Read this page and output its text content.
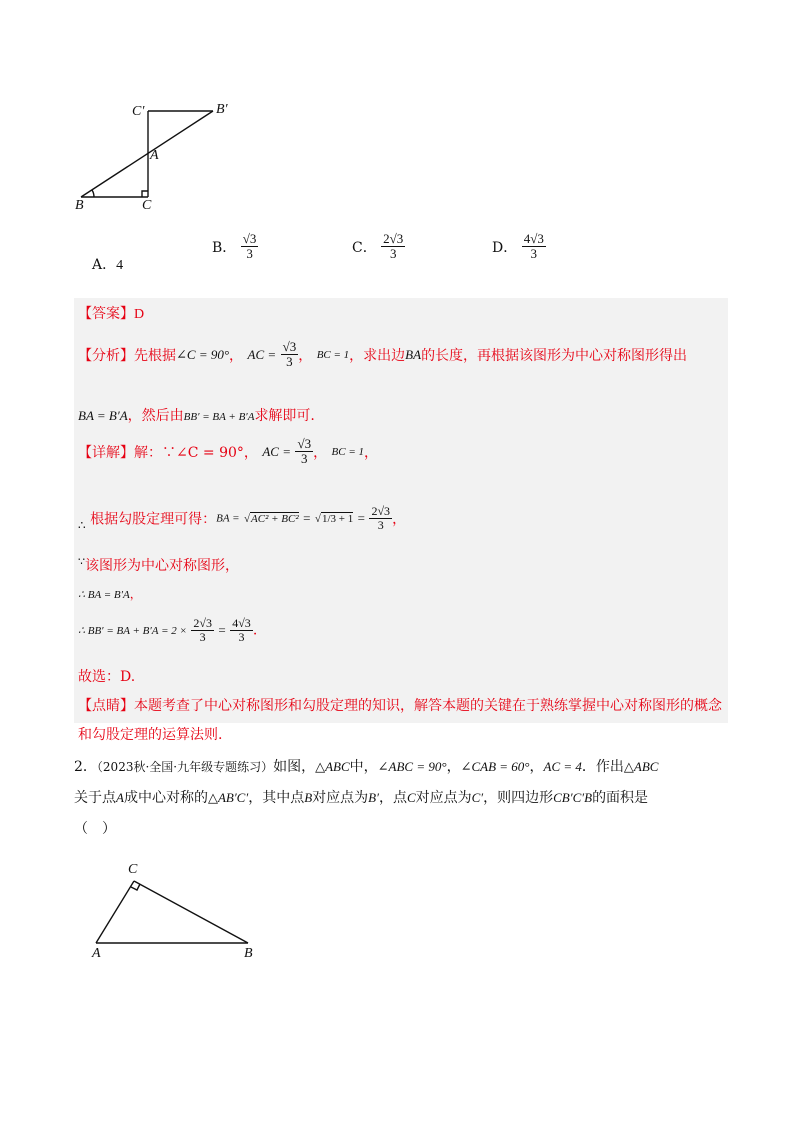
C′	B′
A
B	C
A．4
B． $\frac{√3}{3}$	C． $\frac{2√3}{3}$	D． $\frac{4√3}{3}$
【答案】D
【分析】先根据∠C = 90°， AC = $\frac{√3}{3}$ ， BC = 1，求出边BA的长度，再根据该图形为中心对称图形得出
BA = B′A，然后由BB′ = BA + B′A求解即可.
【详解】解：∵∠C = 90°， AC = $\frac{√3}{3}$ ， BC = 1，
∴ 根据勾股定理可得：BA = √ AC² + BC² = √ $1/3 + 1 = \frac{2√3}{3}$ ，
∵该图形为中心对称图形，
∴ BA = B′A，
∴ BB′ = BA + $B'A = 2 \times \frac{2√3}{3} = \frac{4√3}{3}$ .
故选：D.
【点睛】本题考查了中心对称图形和勾股定理的知识，解答本题的关键在于熟练掌握中心对称图形的概念
和勾股定理的运算法则.
2．（2023秋·全国·九年级专题练习）如图，△ABC中，∠ABC = 90°，∠CAB = 60°，AC = 4．作出△ABC
关于点A成中心对称的△AB′C′，其中点B对应点为B′，点C对应点为C′，则四边形CB′C′B的面积是
（　）
C
A	B
